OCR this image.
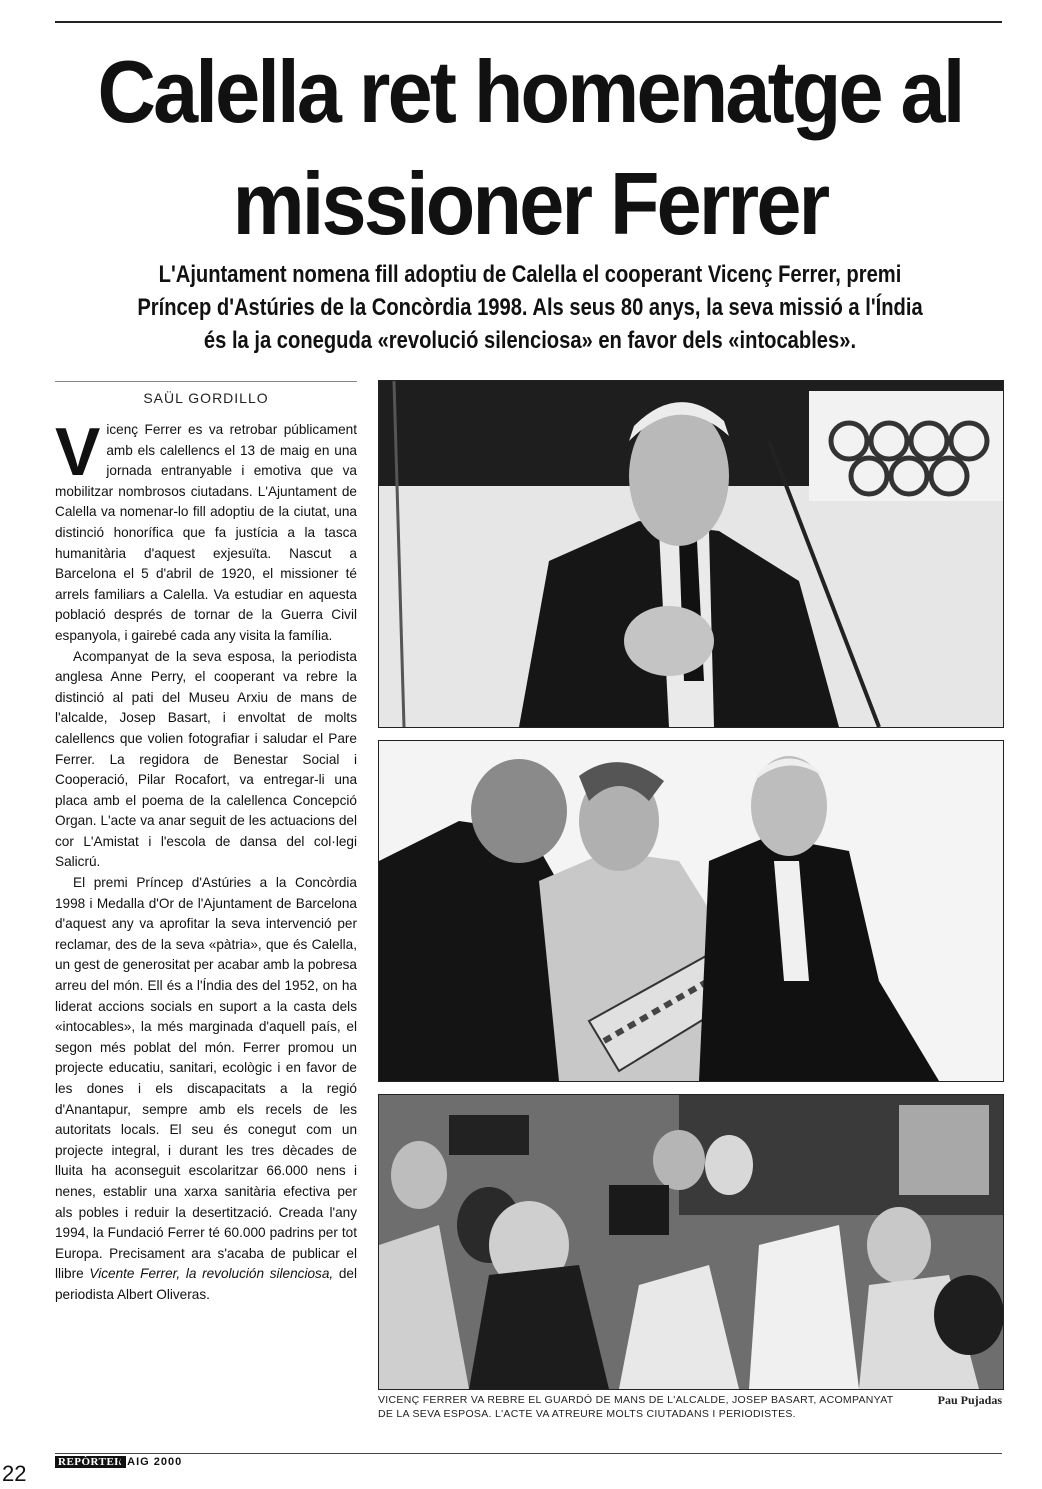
Calella ret homenatge al missioner Ferrer

L'Ajuntament nomena fill adoptiu de Calella el cooperant Vicenç Ferrer, premi Príncep d'Astúries de la Concòrdia 1998. Als seus 80 anys, la seva missió a l'Índia és la ja coneguda «revolució silenciosa» en favor dels «intocables».

SAÜL GORDILLO

Vicenç Ferrer es va retrobar públicament amb els calellencs el 13 de maig en una jornada entranyable i emotiva que va mobilitzar nombrosos ciutadans. L'Ajuntament de Calella va nomenar-lo fill adoptiu de la ciutat, una distinció honorífica que fa justícia a la tasca humanitària d'aquest exjesuïta. Nascut a Barcelona el 5 d'abril de 1920, el missioner té arrels familiars a Calella. Va estudiar en aquesta població després de tornar de la Guerra Civil espanyola, i gairebé cada any visita la família.

Acompanyat de la seva esposa, la periodista anglesa Anne Perry, el cooperant va rebre la distinció al pati del Museu Arxiu de mans de l'alcalde, Josep Basart, i envoltat de molts calellencs que volien fotografiar i saludar el Pare Ferrer. La regidora de Benestar Social i Cooperació, Pilar Rocafort, va entregar-li una placa amb el poema de la calellenca Concepció Organ. L'acte va anar seguit de les actuacions del cor L'Amistat i l'escola de dansa del col·legi Salicrú.

El premi Príncep d'Astúries a la Concòrdia 1998 i Medalla d'Or de l'Ajuntament de Barcelona d'aquest any va aprofitar la seva intervenció per reclamar, des de la seva «pàtria», que és Calella, un gest de generositat per acabar amb la pobresa arreu del món. Ell és a l'Índia des del 1952, on ha liderat accions socials en suport a la casta dels «intocables», la més marginada d'aquell país, el segon més poblat del món. Ferrer promou un projecte educatiu, sanitari, ecològic i en favor de les dones i els discapacitats a la regió d'Anantapur, sempre amb els recels de les autoritats locals. El seu és conegut com un projecte integral, i durant les tres dècades de lluita ha aconseguit escolaritzar 66.000 nens i nenes, establir una xarxa sanitària efectiva per als pobles i reduir la desertització. Creada l'any 1994, la Fundació Ferrer té 60.000 padrins per tot Europa. Precisament ara s'acaba de publicar el llibre Vicente Ferrer, la revolución silenciosa, del periodista Albert Oliveras.

VICENÇ FERRER VA REBRE EL GUARDÓ DE MANS DE L'ALCALDE, JOSEP BASART, ACOMPANYAT DE LA SEVA ESPOSA. L'ACTE VA ATREURE MOLTS CIUTADANS I PERIODISTES.
Pau Pujadas
REPÒRTER
MAIG 2000
22
